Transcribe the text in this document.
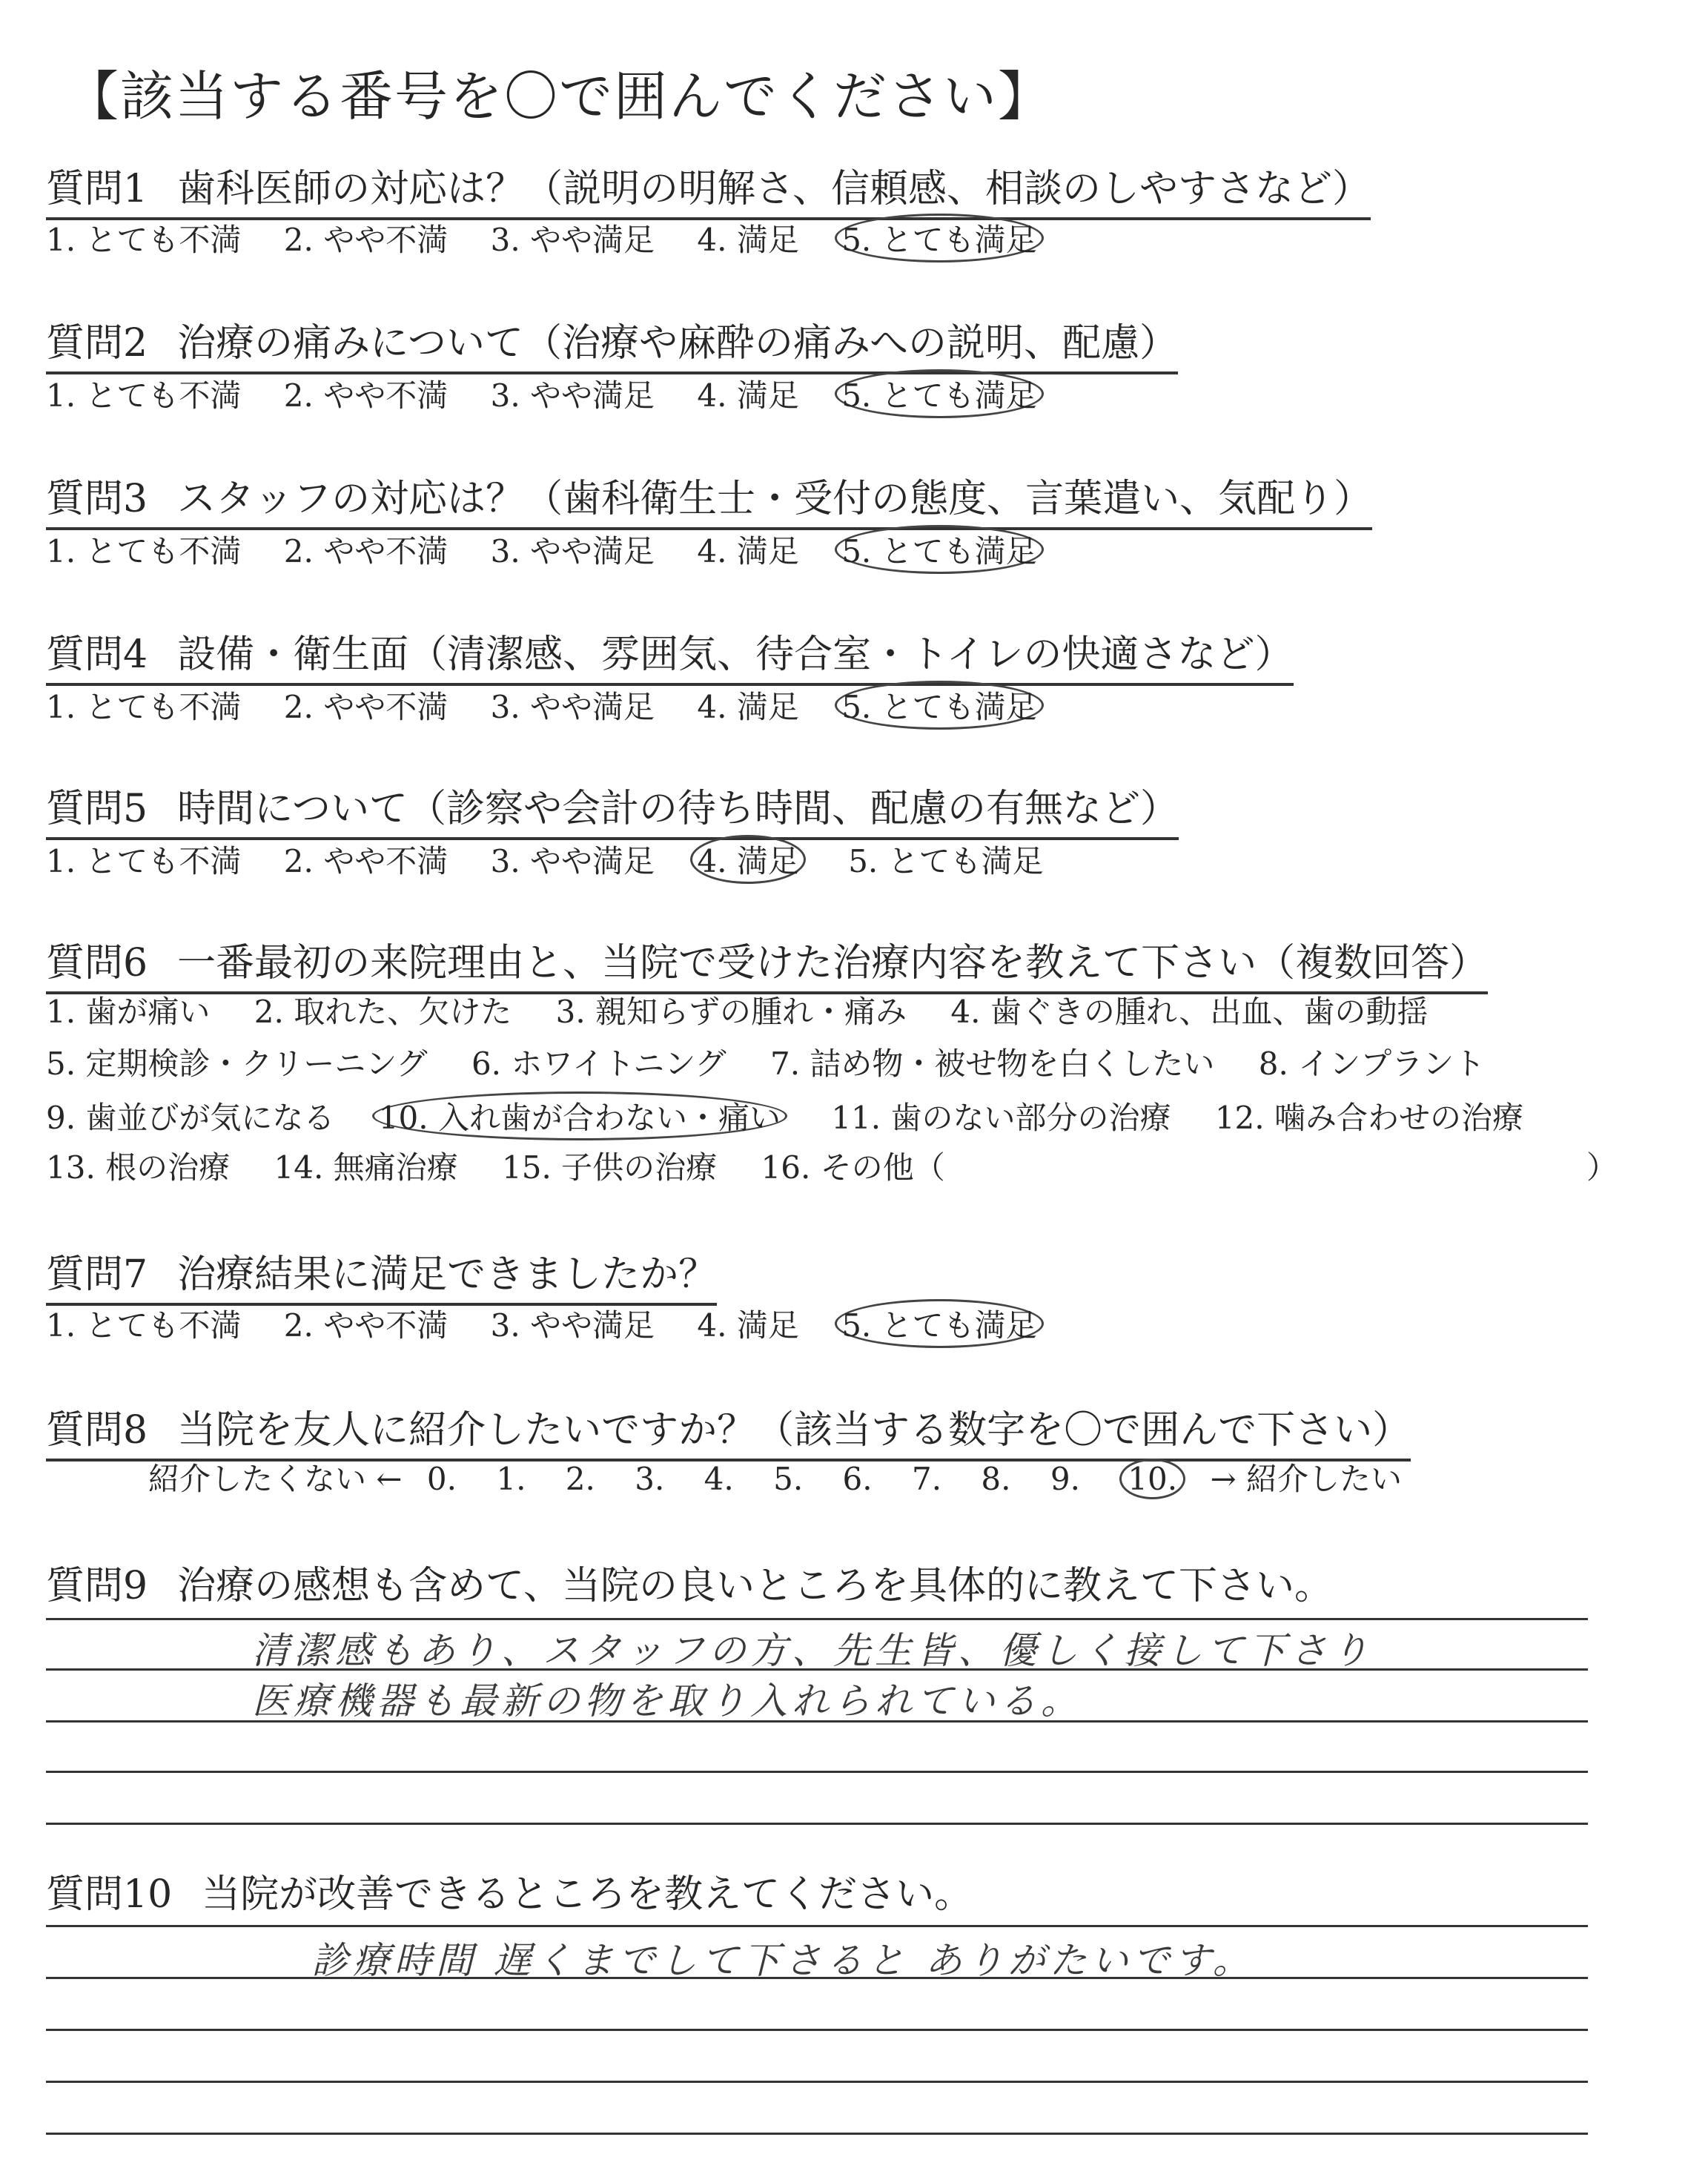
【該当する番号を〇で囲んでください】
質問1 歯科医師の対応は？（説明の明解さ、信頼感、相談のしやすさなど）
1. とても不満 2. やや不満 3. やや満足 4. 満足 5. とても満足
質問2 治療の痛みについて（治療や麻酔の痛みへの説明、配慮）
1. とても不満 2. やや不満 3. やや満足 4. 満足 5. とても満足
質問3 スタッフの対応は？（歯科衛生士・受付の態度、言葉遣い、気配り）
1. とても不満 2. やや不満 3. やや満足 4. 満足 5. とても満足
質問4 設備・衛生面（清潔感、雰囲気、待合室・トイレの快適さなど）
1. とても不満 2. やや不満 3. やや満足 4. 満足 5. とても満足
質問5 時間について（診察や会計の待ち時間、配慮の有無など）
1. とても不満 2. やや不満 3. やや満足 4. 満足 5. とても満足
質問6 一番最初の来院理由と、当院で受けた治療内容を教えて下さい（複数回答）
1. 歯が痛い 2. 取れた、欠けた 3. 親知らずの腫れ・痛み 4. 歯ぐきの腫れ、出血、歯の動揺
5. 定期検診・クリーニング 6. ホワイトニング 7. 詰め物・被せ物を白くしたい 8. インプラント
9. 歯並びが気になる 10. 入れ歯が合わない・痛い 11. 歯のない部分の治療 12. 噛み合わせの治療
13. 根の治療 14. 無痛治療 15. 子供の治療 16. その他（	）
質問7 治療結果に満足できましたか？
1. とても不満 2. やや不満 3. やや満足 4. 満足 5. とても満足
質問8 当院を友人に紹介したいですか？（該当する数字を〇で囲んで下さい）
紹介したくない ← 0. 1. 2. 3. 4. 5. 6. 7. 8. 9. 10. → 紹介したい
質問9 治療の感想も含めて、当院の良いところを具体的に教えて下さい。
清潔感もあり、スタッフの方、先生皆、優しく接して下さり
医療機器も最新の物を取り入れられている。
質問10 当院が改善できるところを教えてください。
診療時間 遅くまでして下さると ありがたいです。
